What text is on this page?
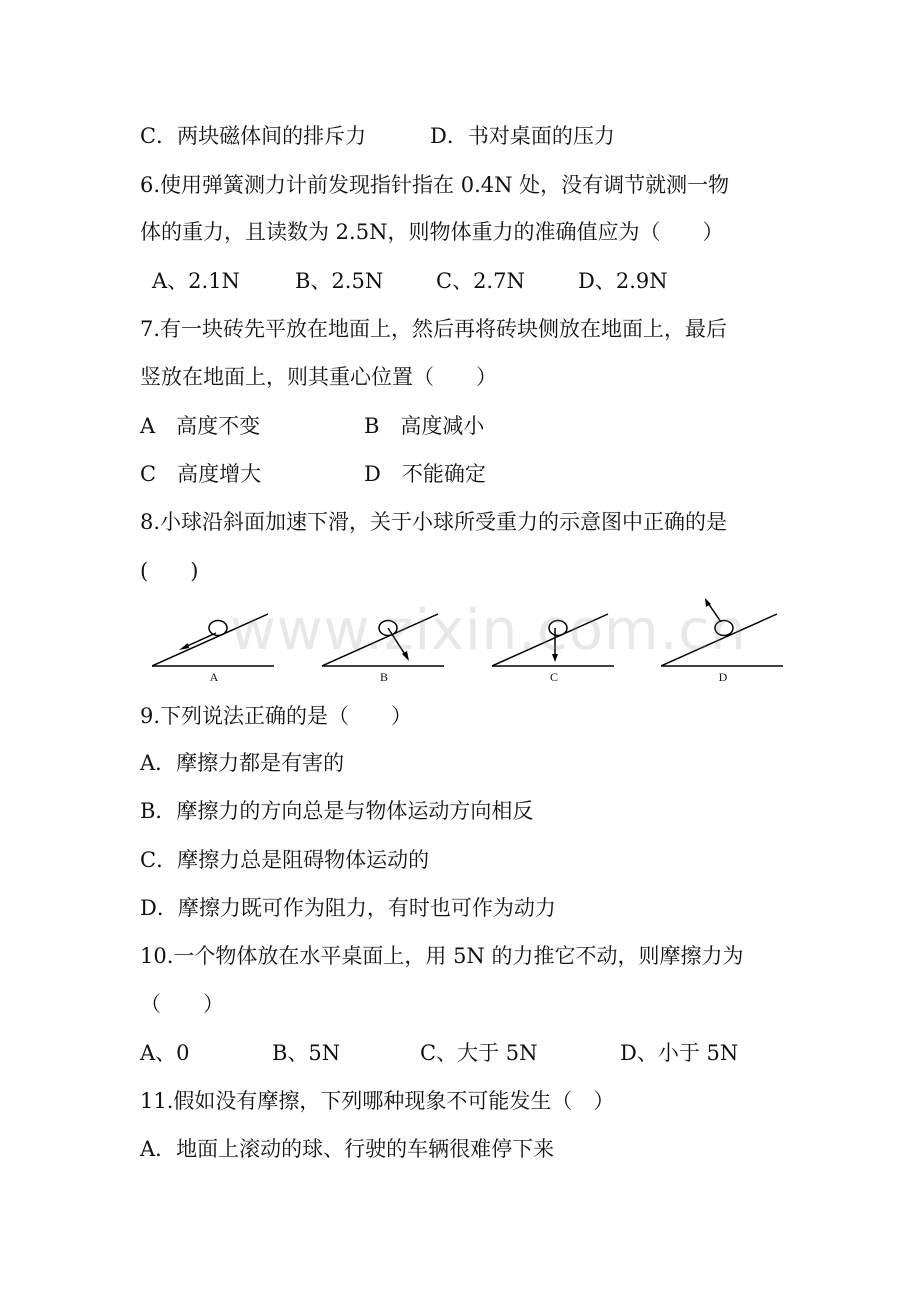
C．两块磁体间的排斥力	D．书对桌面的压力
6.使用弹簧测力计前发现指针指在 0.4N 处，没有调节就测一物
体的重力，且读数为 2.5N，则物体重力的准确值应为（　　）
A、2.1N	B、2.5N	C、2.7N	D、2.9N
7.有一块砖先平放在地面上，然后再将砖块侧放在地面上，最后
竖放在地面上，则其重心位置（　　）
A　高度不变	B　高度减小
C　高度增大	D　不能确定
8.小球沿斜面加速下滑，关于小球所受重力的示意图中正确的是
(　　)
A	B	C	D
www.zixin.com.cn
9.下列说法正确的是（　　）
A．摩擦力都是有害的
B．摩擦力的方向总是与物体运动方向相反
C．摩擦力总是阻碍物体运动的
D．摩擦力既可作为阻力，有时也可作为动力
10.一个物体放在水平桌面上，用 5N 的力推它不动，则摩擦力为
（　　）
A、0	B、5N	C、大于 5N	D、小于 5N
11.假如没有摩擦，下列哪种现象不可能发生（　）
A．地面上滚动的球、行驶的车辆很难停下来
